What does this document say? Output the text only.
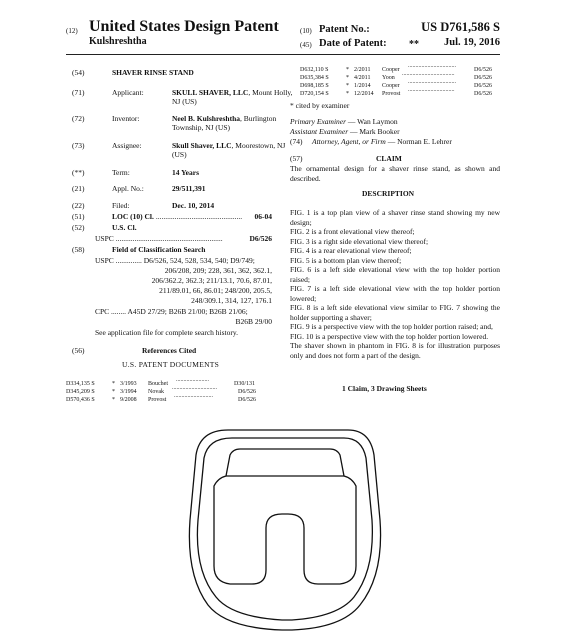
(12) United States Design Patent
Kulshreshtha
(10) Patent No.:	US D761,586 S
(45) Date of Patent: ** Jul. 19, 2016
(54)	SHAVER RINSE STAND
(71)	Applicant:	SKULL SHAVER, LLC , Mount Holly,
NJ (US)
(72)	Inventor:	Neel B. Kulshreshtha , Burlington
Township, NJ (US)
(73)	Assignee:	Skull Shaver, LLC , Moorestown, NJ
(US)
(**)	Term:	14 Years
(21)	Appl. No.:	29/511,391
(22)	Filed:	Dec. 10, 2014
(51)	LOC (10) Cl. ..............................................	06-04
(52)	U.S. Cl.
USPC .........................................................	D6/526
(58)	Field of Classification Search
USPC .............. D6/526, 524, 528, 534, 540; D9/749;
206/208, 209; 228, 361, 362, 362.1,
206/362.2, 362.3; 211/13.1, 70.6, 87.01,
211/89.01, 66, 86.01; 248/200, 205.5,
248/309.1, 314, 127, 176.1
CPC ........ A45D 27/29; B26B 21/00; B26B 21/06;
B26B 29/00
See application file for complete search history.
(56)	References Cited
U.S. PATENT DOCUMENTS
D334,135 S	* 3/1993 Bouchet......................D30/131
D345,209 S	* 3/1994 Novak..............................D6/526
D570,436 S	* 9/2008 Provost..........................D6/526
D632,110 S	* 2/2011 Cooper................................D6/526
D635,384 S	* 4/2011 Yoon...................................D6/526
D698,185 S	* 1/2014 Cooper................................D6/526
D720,154 S	* 12/2014 Provost...............................D6/526
* cited by examiner
Primary Examiner — Wan Laymon
Assistant Examiner — Mark Booker
(74) Attorney, Agent, or Firm — Norman E. Lehrer
(57)	CLAIM
The ornamental design for a shaver rinse stand, as shown and described.
DESCRIPTION
FIG. 1 is a top plan view of a shaver rinse stand showing my new design;
FIG. 2 is a front elevational view thereof;
FIG. 3 is a right side elevational view thereof;
FIG. 4 is a rear elevational view thereof;
FIG. 5 is a bottom plan view thereof;
FIG. 6 is a left side elevational view with the top holder portion raised;
FIG. 7 is a left side elevational view with the top holder portion lowered;
FIG. 8 is a left side elevational view similar to FIG. 7 showing the holder supporting a shaver;
FIG. 9 is a perspective view with the top holder portion raised; and,
FIG. 10 is a perspective view with the top holder portion lowered.
The shaver shown in phantom in FIG. 8 is for illustration purposes only and does not form a part of the design.
1 Claim, 3 Drawing Sheets
